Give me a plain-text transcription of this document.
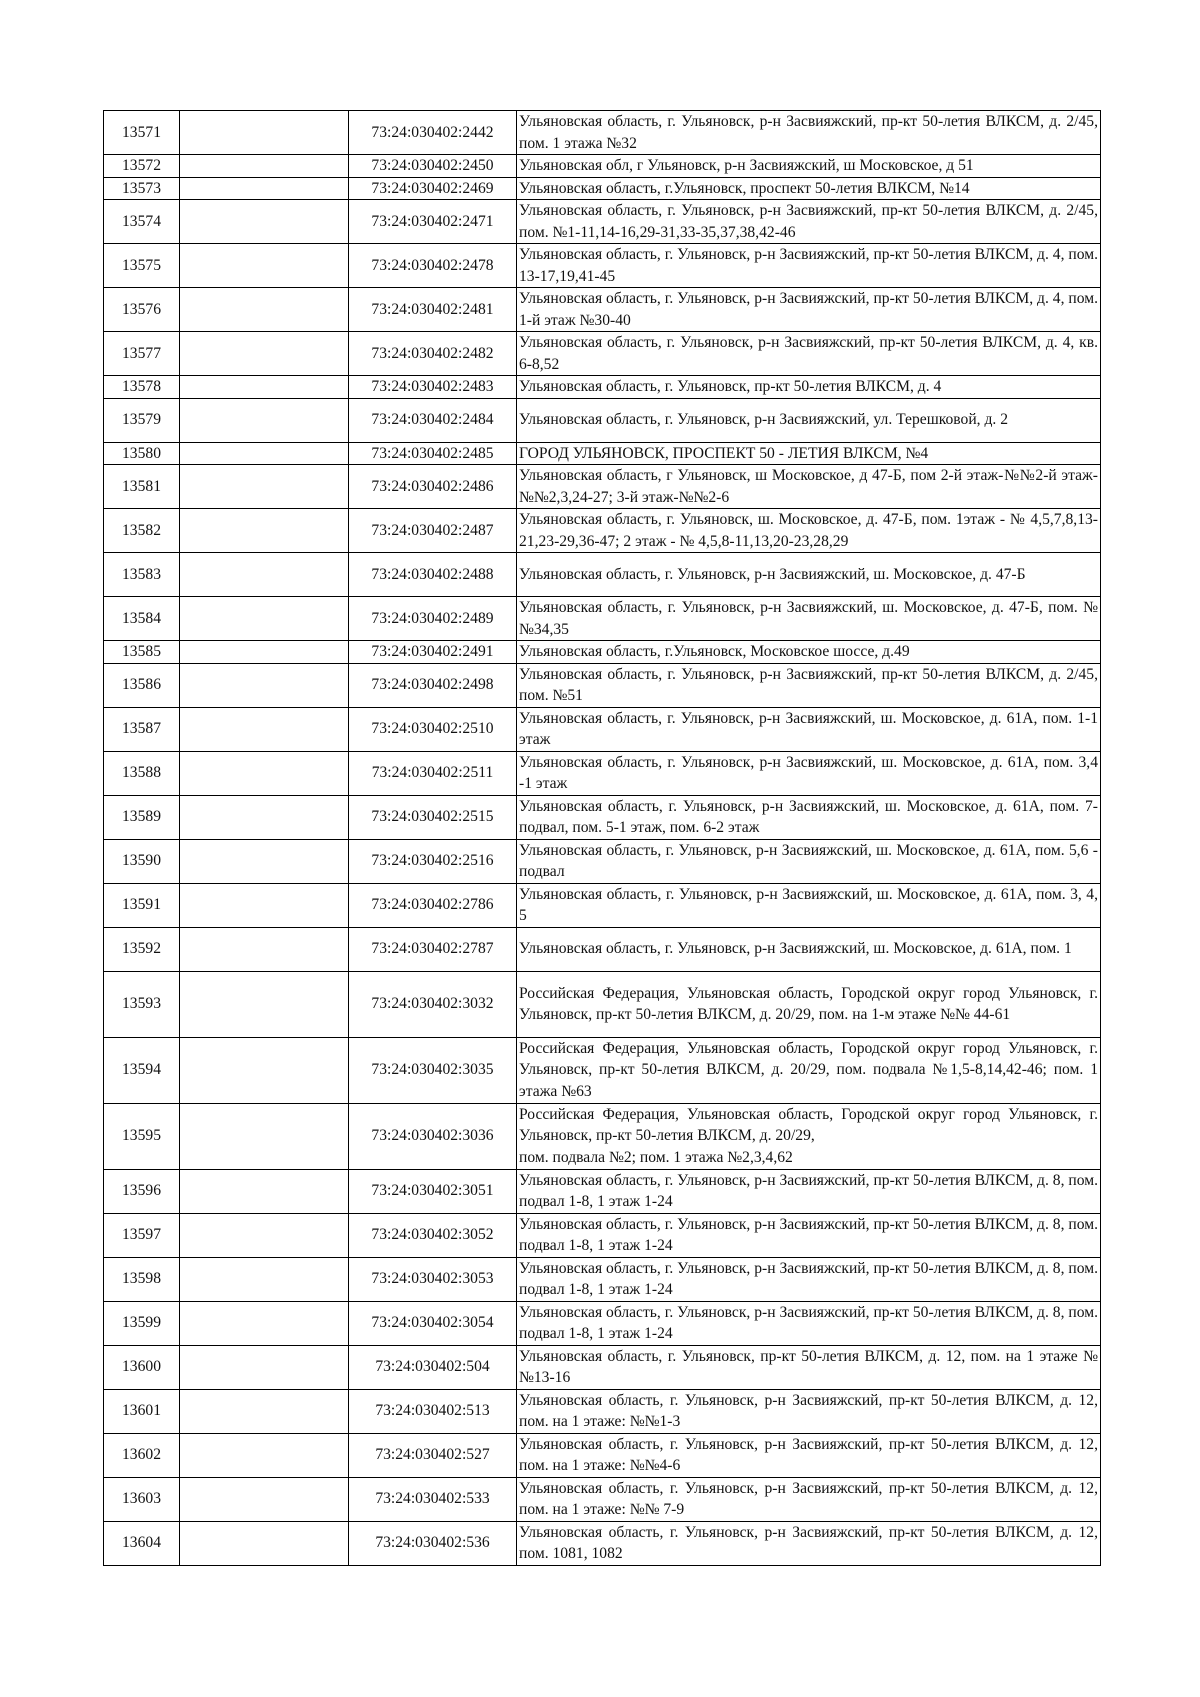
13571		73:24:030402:2442	Ульяновская область, г. Ульяновск, р-н Засвияжский, пр-кт 50-летия ВЛКСМ, д. 2/45, пом. 1 этажа №32
13572		73:24:030402:2450	Ульяновская обл, г Ульяновск, р-н Засвияжский, ш Московское, д 51
13573		73:24:030402:2469	Ульяновская область, г.Ульяновск, проспект 50-летия ВЛКСМ, №14
13574		73:24:030402:2471	Ульяновская область, г. Ульяновск, р-н Засвияжский, пр-кт 50-летия ВЛКСМ, д. 2/45, пом. №1-11,14-16,29-31,33-35,37,38,42-46
13575		73:24:030402:2478	Ульяновская область, г. Ульяновск, р-н Засвияжский, пр-кт 50-летия ВЛКСМ, д. 4, пом. 13-17,19,41-45
13576		73:24:030402:2481	Ульяновская область, г. Ульяновск, р-н Засвияжский, пр-кт 50-летия ВЛКСМ, д. 4, пом. 1-й этаж №30-40
13577		73:24:030402:2482	Ульяновская область, г. Ульяновск, р-н Засвияжский, пр-кт 50-летия ВЛКСМ, д. 4, кв. 6-8,52
13578		73:24:030402:2483	Ульяновская область, г. Ульяновск, пр-кт 50-летия ВЛКСМ, д. 4
13579		73:24:030402:2484	Ульяновская область, г. Ульяновск, р-н Засвияжский, ул. Терешковой, д. 2
13580		73:24:030402:2485	ГОРОД УЛЬЯНОВСК, ПРОСПЕКТ 50 - ЛЕТИЯ ВЛКСМ, №4
13581		73:24:030402:2486	Ульяновская область, г Ульяновск, ш Московское, д 47-Б, пом 2-й этаж-№№2-й этаж-№№2,3,24-27; 3-й этаж-№№2-6
13582		73:24:030402:2487	Ульяновская область, г. Ульяновск, ш. Московское, д. 47-Б, пом. 1этаж - № 4,5,7,8,13-21,23-29,36-47; 2 этаж - № 4,5,8-11,13,20-23,28,29
13583		73:24:030402:2488	Ульяновская область, г. Ульяновск, р-н Засвияжский, ш. Московское, д. 47-Б
13584		73:24:030402:2489	Ульяновская область, г. Ульяновск, р-н Засвияжский, ш. Московское, д. 47-Б, пом. №№34,35
13585		73:24:030402:2491	Ульяновская область, г.Ульяновск, Московское шоссе, д.49
13586		73:24:030402:2498	Ульяновская область, г. Ульяновск, р-н Засвияжский, пр-кт 50-летия ВЛКСМ, д. 2/45, пом. №51
13587		73:24:030402:2510	Ульяновская область, г. Ульяновск, р-н Засвияжский, ш. Московское, д. 61А, пом. 1-1 этаж
13588		73:24:030402:2511	Ульяновская область, г. Ульяновск, р-н Засвияжский, ш. Московское, д. 61А, пом. 3,4 -1 этаж
13589		73:24:030402:2515	Ульяновская область, г. Ульяновск, р-н Засвияжский, ш. Московское, д. 61А, пом. 7- подвал, пом. 5-1 этаж, пом. 6-2 этаж
13590		73:24:030402:2516	Ульяновская область, г. Ульяновск, р-н Засвияжский, ш. Московское, д. 61А, пом. 5,6 - подвал
13591		73:24:030402:2786	Ульяновская область, г. Ульяновск, р-н Засвияжский, ш. Московское, д. 61А, пом. 3, 4, 5
13592		73:24:030402:2787	Ульяновская область, г. Ульяновск, р-н Засвияжский, ш. Московское, д. 61А, пом. 1
13593		73:24:030402:3032	Российская Федерация, Ульяновская область, Городской округ город Ульяновск, г. Ульяновск, пр-кт 50-летия ВЛКСМ, д. 20/29, пом. на 1-м этаже №№ 44-61
13594		73:24:030402:3035	Российская Федерация, Ульяновская область, Городской округ город Ульяновск, г. Ульяновск, пр-кт 50-летия ВЛКСМ, д. 20/29, пом. подвала №1,5-8,14,42-46; пом. 1 этажа №63
13595		73:24:030402:3036	Российская Федерация, Ульяновская область, Городской округ город Ульяновск, г. Ульяновск, пр-кт 50-летия ВЛКСМ, д. 20/29,
пом. подвала №2; пом. 1 этажа №2,3,4,62
13596		73:24:030402:3051	Ульяновская область, г. Ульяновск, р-н Засвияжский, пр-кт 50-летия ВЛКСМ, д. 8, пом. подвал 1-8, 1 этаж 1-24
13597		73:24:030402:3052	Ульяновская область, г. Ульяновск, р-н Засвияжский, пр-кт 50-летия ВЛКСМ, д. 8, пом. подвал 1-8, 1 этаж 1-24
13598		73:24:030402:3053	Ульяновская область, г. Ульяновск, р-н Засвияжский, пр-кт 50-летия ВЛКСМ, д. 8, пом. подвал 1-8, 1 этаж 1-24
13599		73:24:030402:3054	Ульяновская область, г. Ульяновск, р-н Засвияжский, пр-кт 50-летия ВЛКСМ, д. 8, пом. подвал 1-8, 1 этаж 1-24
13600		73:24:030402:504	Ульяновская область, г. Ульяновск, пр-кт 50-летия ВЛКСМ, д. 12, пом. на 1 этаже №№13-16
13601		73:24:030402:513	Ульяновская область, г. Ульяновск, р-н Засвияжский, пр-кт 50-летия ВЛКСМ, д. 12, пом. на 1 этаже: №№1-3
13602		73:24:030402:527	Ульяновская область, г. Ульяновск, р-н Засвияжский, пр-кт 50-летия ВЛКСМ, д. 12, пом. на 1 этаже: №№4-6
13603		73:24:030402:533	Ульяновская область, г. Ульяновск, р-н Засвияжский, пр-кт 50-летия ВЛКСМ, д. 12, пом. на 1 этаже: №№ 7-9
13604		73:24:030402:536	Ульяновская область, г. Ульяновск, р-н Засвияжский, пр-кт 50-летия ВЛКСМ, д. 12, пом. 1081, 1082
